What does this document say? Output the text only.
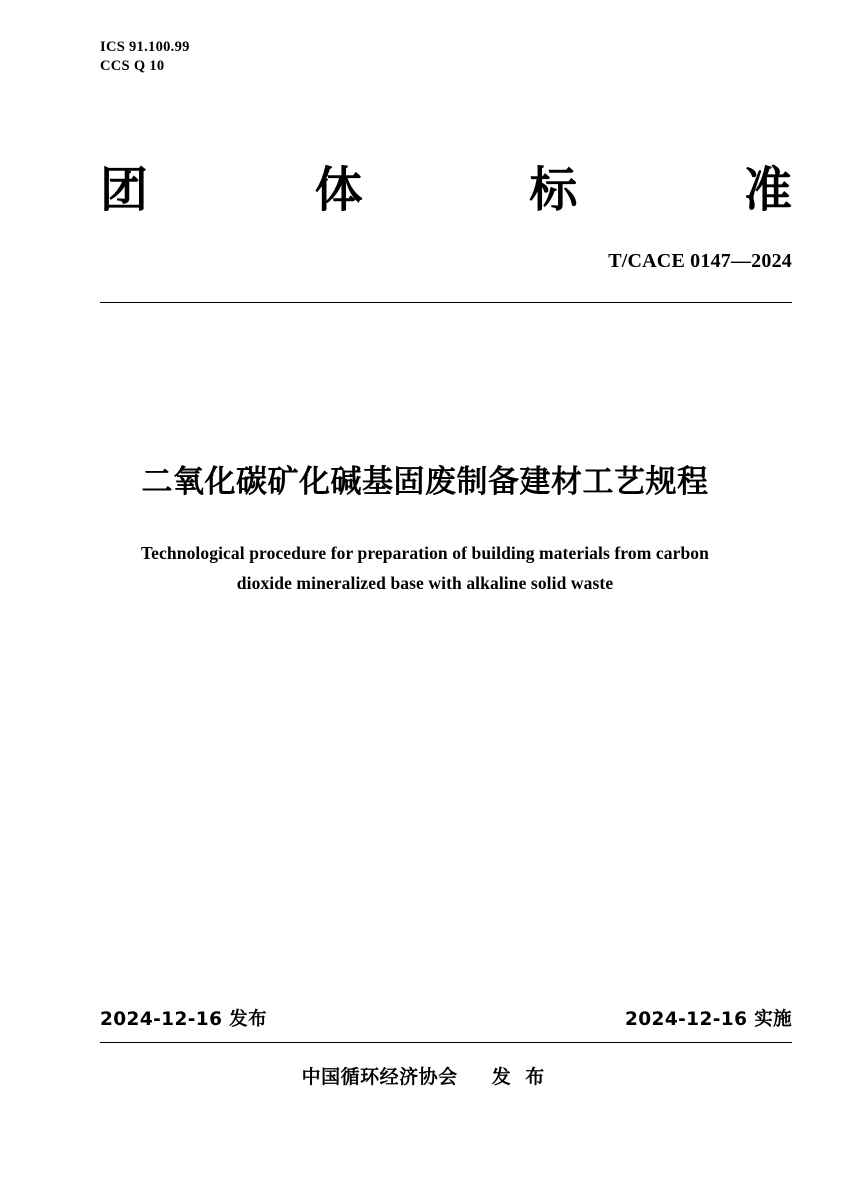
ICS 91.100.99
CCS Q 10
团	体	标	准
T/CACE 0147—2024
二氧化碳矿化碱基固废制备建材工艺规程
Technological procedure for preparation of building materials from carbon
dioxide mineralized base with alkaline solid waste
2024-12-16 发布	2024-12-16 实施
中国循环经济协会 发 布
